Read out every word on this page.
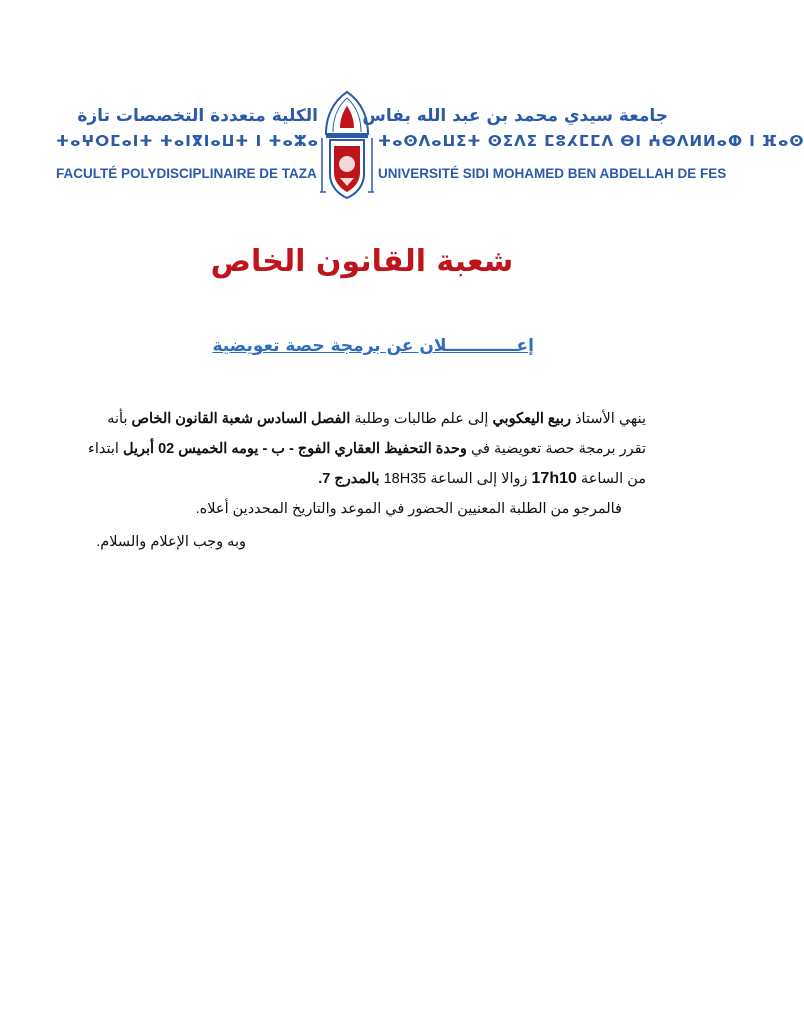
الكلية متعددة التخصصات تازة
ⵜⴰⵖⵔⵎⴰⵏⵜ ⵜⴰⵏⴳⵏⴰⵡⵜ ⵏ ⵜⴰⵣⴰ
FACULTÉ POLYDISCIPLINAIRE DE TAZA
جامعة سيدي محمد بن عبد الله بفاس
ⵜⴰⵙⴷⴰⵡⵉⵜ ⵙⵉⴷⵉ ⵎⵓⵃⵎⵎⴷ ⴱⵏ ⵄⴱⴷⵍⵍⴰⵀ ⵏ ⴼⴰⵙ
UNIVERSITÉ SIDI MOHAMED BEN ABDELLAH DE FES
شعبة القانون الخاص
إعــــــــــــلان عن برمجة حصة تعويضية
ينهي الأستاذ ربيع اليعكوبي إلى علم طالبات وطلبة الفصل السادس شعبة القانون الخاص بأنه
تقرر برمجة حصة تعويضية في وحدة التحفيظ العقاري الفوج - ب - يومه الخميس 02 أبريل ابتداء
من الساعة 17h10 زوالا إلى الساعة 18H35 بالمدرج 7.
فالمرجو من الطلبة المعنيين الحضور في الموعد والتاريخ المحددين أعلاه.
وبه وجب الإعلام والسلام.
